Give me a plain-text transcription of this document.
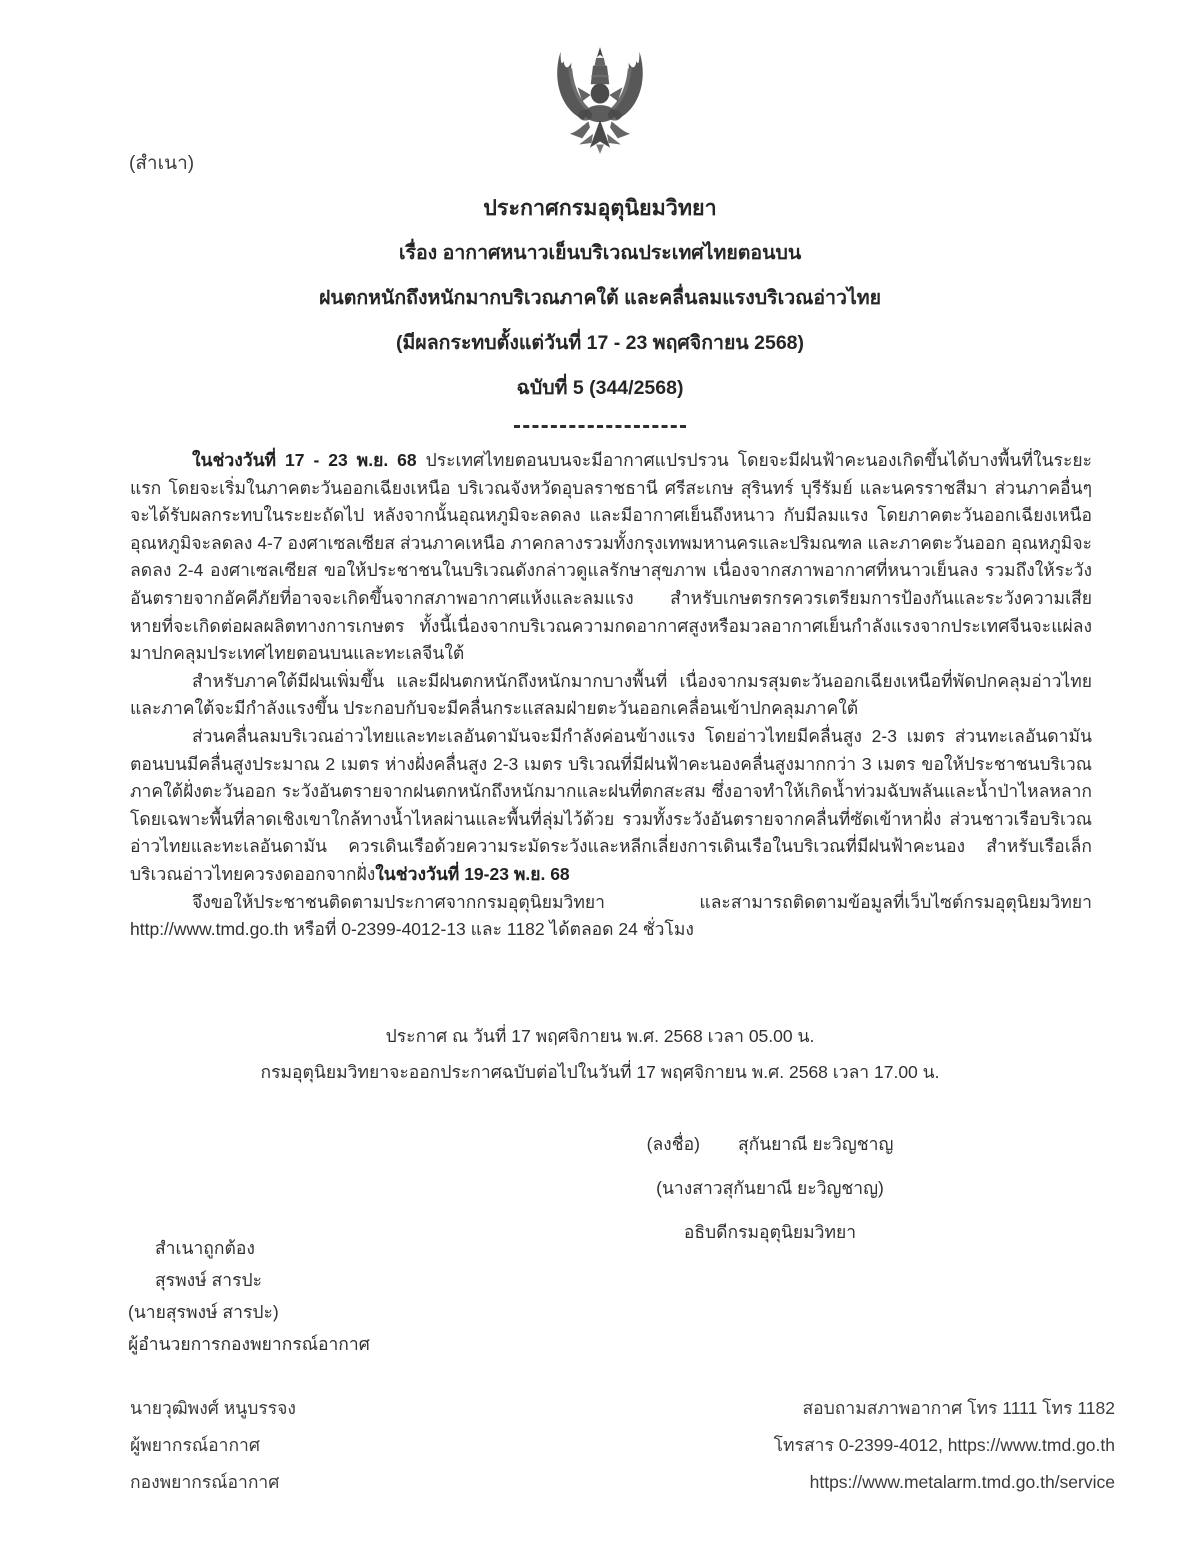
(สำเนา)
ประกาศกรมอุตุนิยมวิทยา
เรื่อง อากาศหนาวเย็นบริเวณประเทศไทยตอนบน
ฝนตกหนักถึงหนักมากบริเวณภาคใต้ และคลื่นลมแรงบริเวณอ่าวไทย
(มีผลกระทบตั้งแต่วันที่ 17 - 23 พฤศจิกายน 2568)
ฉบับที่ 5 (344/2568)

ในช่วงวันที่ 17 - 23 พ.ย. 68 ประเทศไทยตอนบนจะมีอากาศแปรปรวน โดยจะมีฝนฟ้าคะนองเกิดขึ้นได้บางพื้นที่ในระยะแรก โดยจะเริ่มในภาคตะวันออกเฉียงเหนือ บริเวณจังหวัดอุบลราชธานี ศรีสะเกษ สุรินทร์ บุรีรัมย์ และนครราชสีมา ส่วนภาคอื่นๆ จะได้รับผลกระทบในระยะถัดไป หลังจากนั้นอุณหภูมิจะลดลง และมีอากาศเย็นถึงหนาว กับมีลมแรง โดยภาคตะวันออกเฉียงเหนือ อุณหภูมิจะลดลง 4-7 องศาเซลเซียส ส่วนภาคเหนือ ภาคกลางรวมทั้งกรุงเทพมหานครและปริมณฑล และภาคตะวันออก อุณหภูมิจะลดลง 2-4 องศาเซลเซียส ขอให้ประชาชนในบริเวณดังกล่าวดูแลรักษาสุขภาพ เนื่องจากสภาพอากาศที่หนาวเย็นลง รวมถึงให้ระวังอันตรายจากอัคคีภัยที่อาจจะเกิดขึ้นจากสภาพอากาศแห้งและลมแรง สำหรับเกษตรกรควรเตรียมการป้องกันและระวังความเสียหายที่จะเกิดต่อผลผลิตทางการเกษตร ทั้งนี้เนื่องจากบริเวณความกดอากาศสูงหรือมวลอากาศเย็นกำลังแรงจากประเทศจีนจะแผ่ลงมาปกคลุมประเทศไทยตอนบนและทะเลจีนใต้

สำหรับภาคใต้มีฝนเพิ่มขึ้น และมีฝนตกหนักถึงหนักมากบางพื้นที่ เนื่องจากมรสุมตะวันออกเฉียงเหนือที่พัดปกคลุมอ่าวไทยและภาคใต้จะมีกำลังแรงขึ้น ประกอบกับจะมีคลื่นกระแสลมฝ่ายตะวันออกเคลื่อนเข้าปกคลุมภาคใต้

ส่วนคลื่นลมบริเวณอ่าวไทยและทะเลอันดามันจะมีกำลังค่อนข้างแรง โดยอ่าวไทยมีคลื่นสูง 2-3 เมตร ส่วนทะเลอันดามันตอนบนมีคลื่นสูงประมาณ 2 เมตร ห่างฝั่งคลื่นสูง 2-3 เมตร บริเวณที่มีฝนฟ้าคะนองคลื่นสูงมากกว่า 3 เมตร ขอให้ประชาชนบริเวณภาคใต้ฝั่งตะวันออก ระวังอันตรายจากฝนตกหนักถึงหนักมากและฝนที่ตกสะสม ซึ่งอาจทำให้เกิดน้ำท่วมฉับพลันและน้ำป่าไหลหลาก โดยเฉพาะพื้นที่ลาดเชิงเขาใกล้ทางน้ำไหลผ่านและพื้นที่ลุ่มไว้ด้วย รวมทั้งระวังอันตรายจากคลื่นที่ซัดเข้าหาฝั่ง ส่วนชาวเรือบริเวณอ่าวไทยและทะเลอันดามัน ควรเดินเรือด้วยความระมัดระวังและหลีกเลี่ยงการเดินเรือในบริเวณที่มีฝนฟ้าคะนอง สำหรับเรือเล็กบริเวณอ่าวไทยควรงดออกจากฝั่งในช่วงวันที่ 19-23 พ.ย. 68

จึงขอให้ประชาชนติดตามประกาศจากกรมอุตุนิยมวิทยา และสามารถติดตามข้อมูลที่เว็บไซต์กรมอุตุนิยมวิทยา http://www.tmd.go.th หรือที่ 0-2399-4012-13 และ 1182 ได้ตลอด 24 ชั่วโมง

ประกาศ ณ วันที่ 17 พฤศจิกายน พ.ศ. 2568 เวลา 05.00 น.
กรมอุตุนิยมวิทยาจะออกประกาศฉบับต่อไปในวันที่ 17 พฤศจิกายน พ.ศ. 2568 เวลา 17.00 น.
(ลงชื่อ) สุกันยาณี ยะวิญชาญ
(นางสาวสุกันยาณี ยะวิญชาญ)
อธิบดีกรมอุตุนิยมวิทยา
สำเนาถูกต้อง
สุรพงษ์ สารปะ
(นายสุรพงษ์ สารปะ)
ผู้อำนวยการกองพยากรณ์อากาศ
นายวุฒิพงศ์ หนูบรรจง
ผู้พยากรณ์อากาศ
กองพยากรณ์อากาศ
สอบถามสภาพอากาศ โทร 1111 โทร 1182
โทรสาร 0-2399-4012, https://www.tmd.go.th
https://www.metalarm.tmd.go.th/service
